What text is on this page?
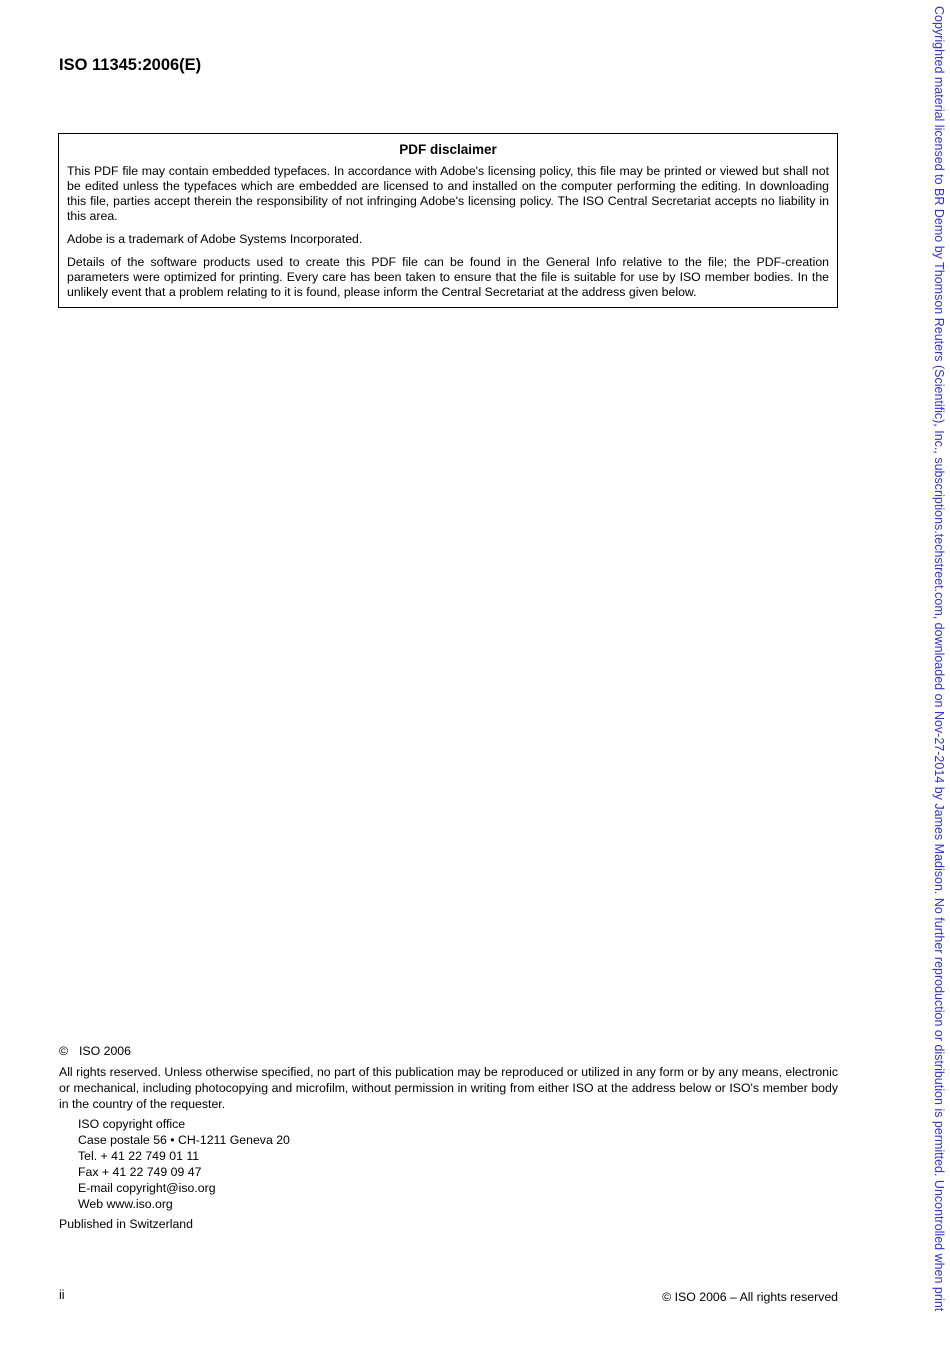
ISO 11345:2006(E)
PDF disclaimer

This PDF file may contain embedded typefaces. In accordance with Adobe's licensing policy, this file may be printed or viewed but shall not be edited unless the typefaces which are embedded are licensed to and installed on the computer performing the editing. In downloading this file, parties accept therein the responsibility of not infringing Adobe's licensing policy. The ISO Central Secretariat accepts no liability in this area.

Adobe is a trademark of Adobe Systems Incorporated.

Details of the software products used to create this PDF file can be found in the General Info relative to the file; the PDF-creation parameters were optimized for printing. Every care has been taken to ensure that the file is suitable for use by ISO member bodies. In the unlikely event that a problem relating to it is found, please inform the Central Secretariat at the address given below.

© ISO 2006

All rights reserved. Unless otherwise specified, no part of this publication may be reproduced or utilized in any form or by any means, electronic or mechanical, including photocopying and microfilm, without permission in writing from either ISO at the address below or ISO's member body in the country of the requester.

ISO copyright office
Case postale 56 • CH-1211 Geneva 20
Tel. + 41 22 749 01 11
Fax + 41 22 749 09 47
E-mail copyright@iso.org
Web www.iso.org

Published in Switzerland

ii	© ISO 2006 – All rights reserved	Copyrighted material licensed to BR Demo by Thomson Reuters (Scientific), Inc., subscriptions.techstreet.com, downloaded on Nov-27-2014 by James Madison. No further reproduction or distribution is permitted. Uncontrolled when print
